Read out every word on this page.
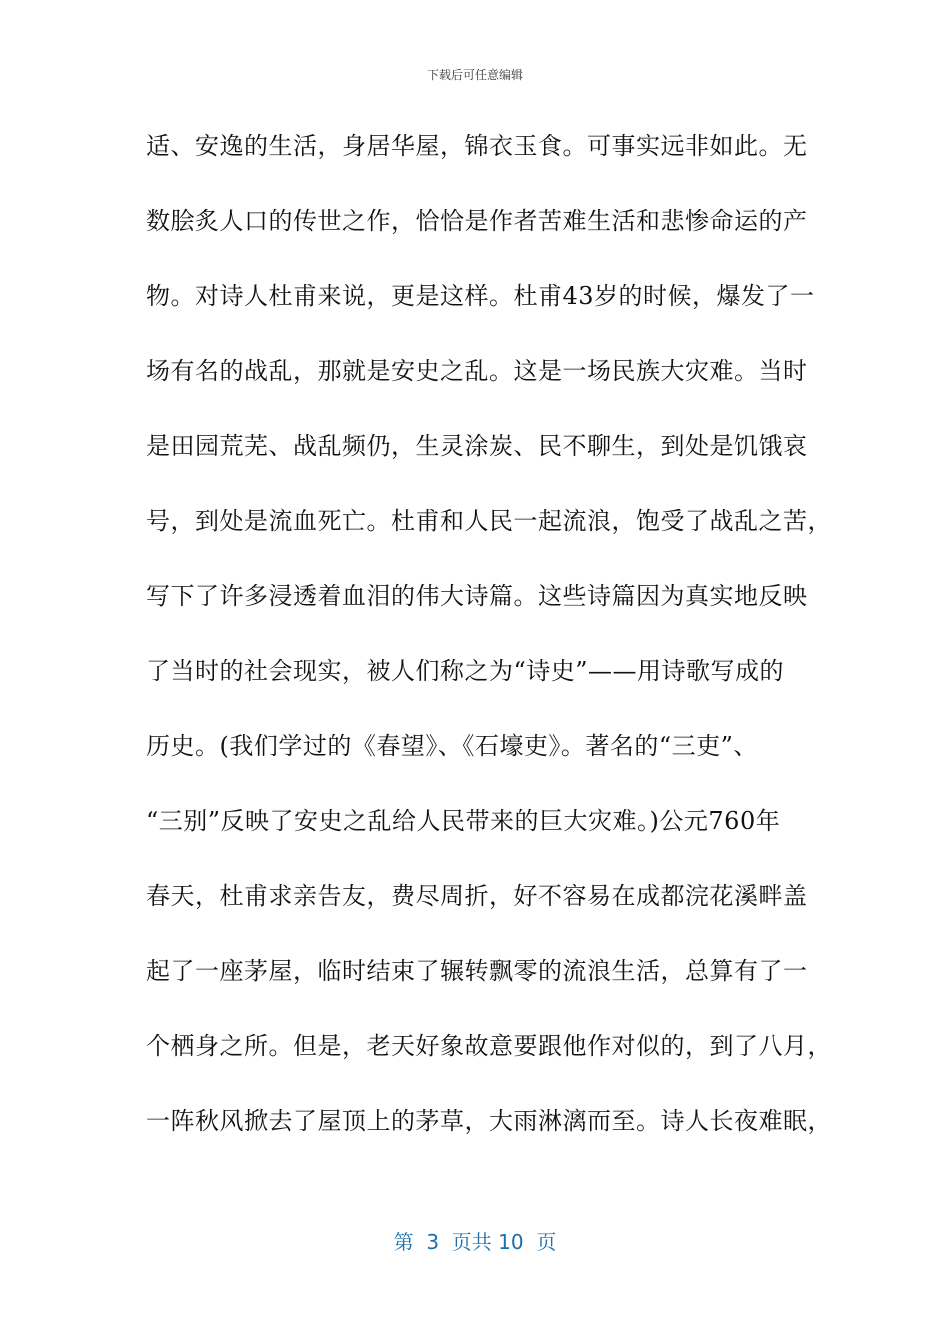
下载后可任意编辑
适、安逸的生活，身居华屋，锦衣玉食。可事实远非如此。无
数脍炙人口的传世之作，恰恰是作者苦难生活和悲惨命运的产
物。对诗人杜甫来说，更是这样。杜甫43岁的时候，爆发了一
场有名的战乱，那就是安史之乱。这是一场民族大灾难。当时
是田园荒芜、战乱频仍，生灵涂炭、民不聊生，到处是饥饿哀
号，到处是流血死亡。杜甫和人民一起流浪，饱受了战乱之苦，
写下了许多浸透着血泪的伟大诗篇。这些诗篇因为真实地反映
了当时的社会现实，被人们称之为“诗史”——用诗歌写成的
历史。(我们学过的《春望》、《石壕吏》。著名的“三吏”、
“三别”反映了安史之乱给人民带来的巨大灾难。)公元760年
春天，杜甫求亲告友，费尽周折，好不容易在成都浣花溪畔盖
起了一座茅屋，临时结束了辗转飘零的流浪生活，总算有了一
个栖身之所。但是，老天好象故意要跟他作对似的，到了八月，
一阵秋风掀去了屋顶上的茅草，大雨淋漓而至。诗人长夜难眠，
第  3  页共 10  页
